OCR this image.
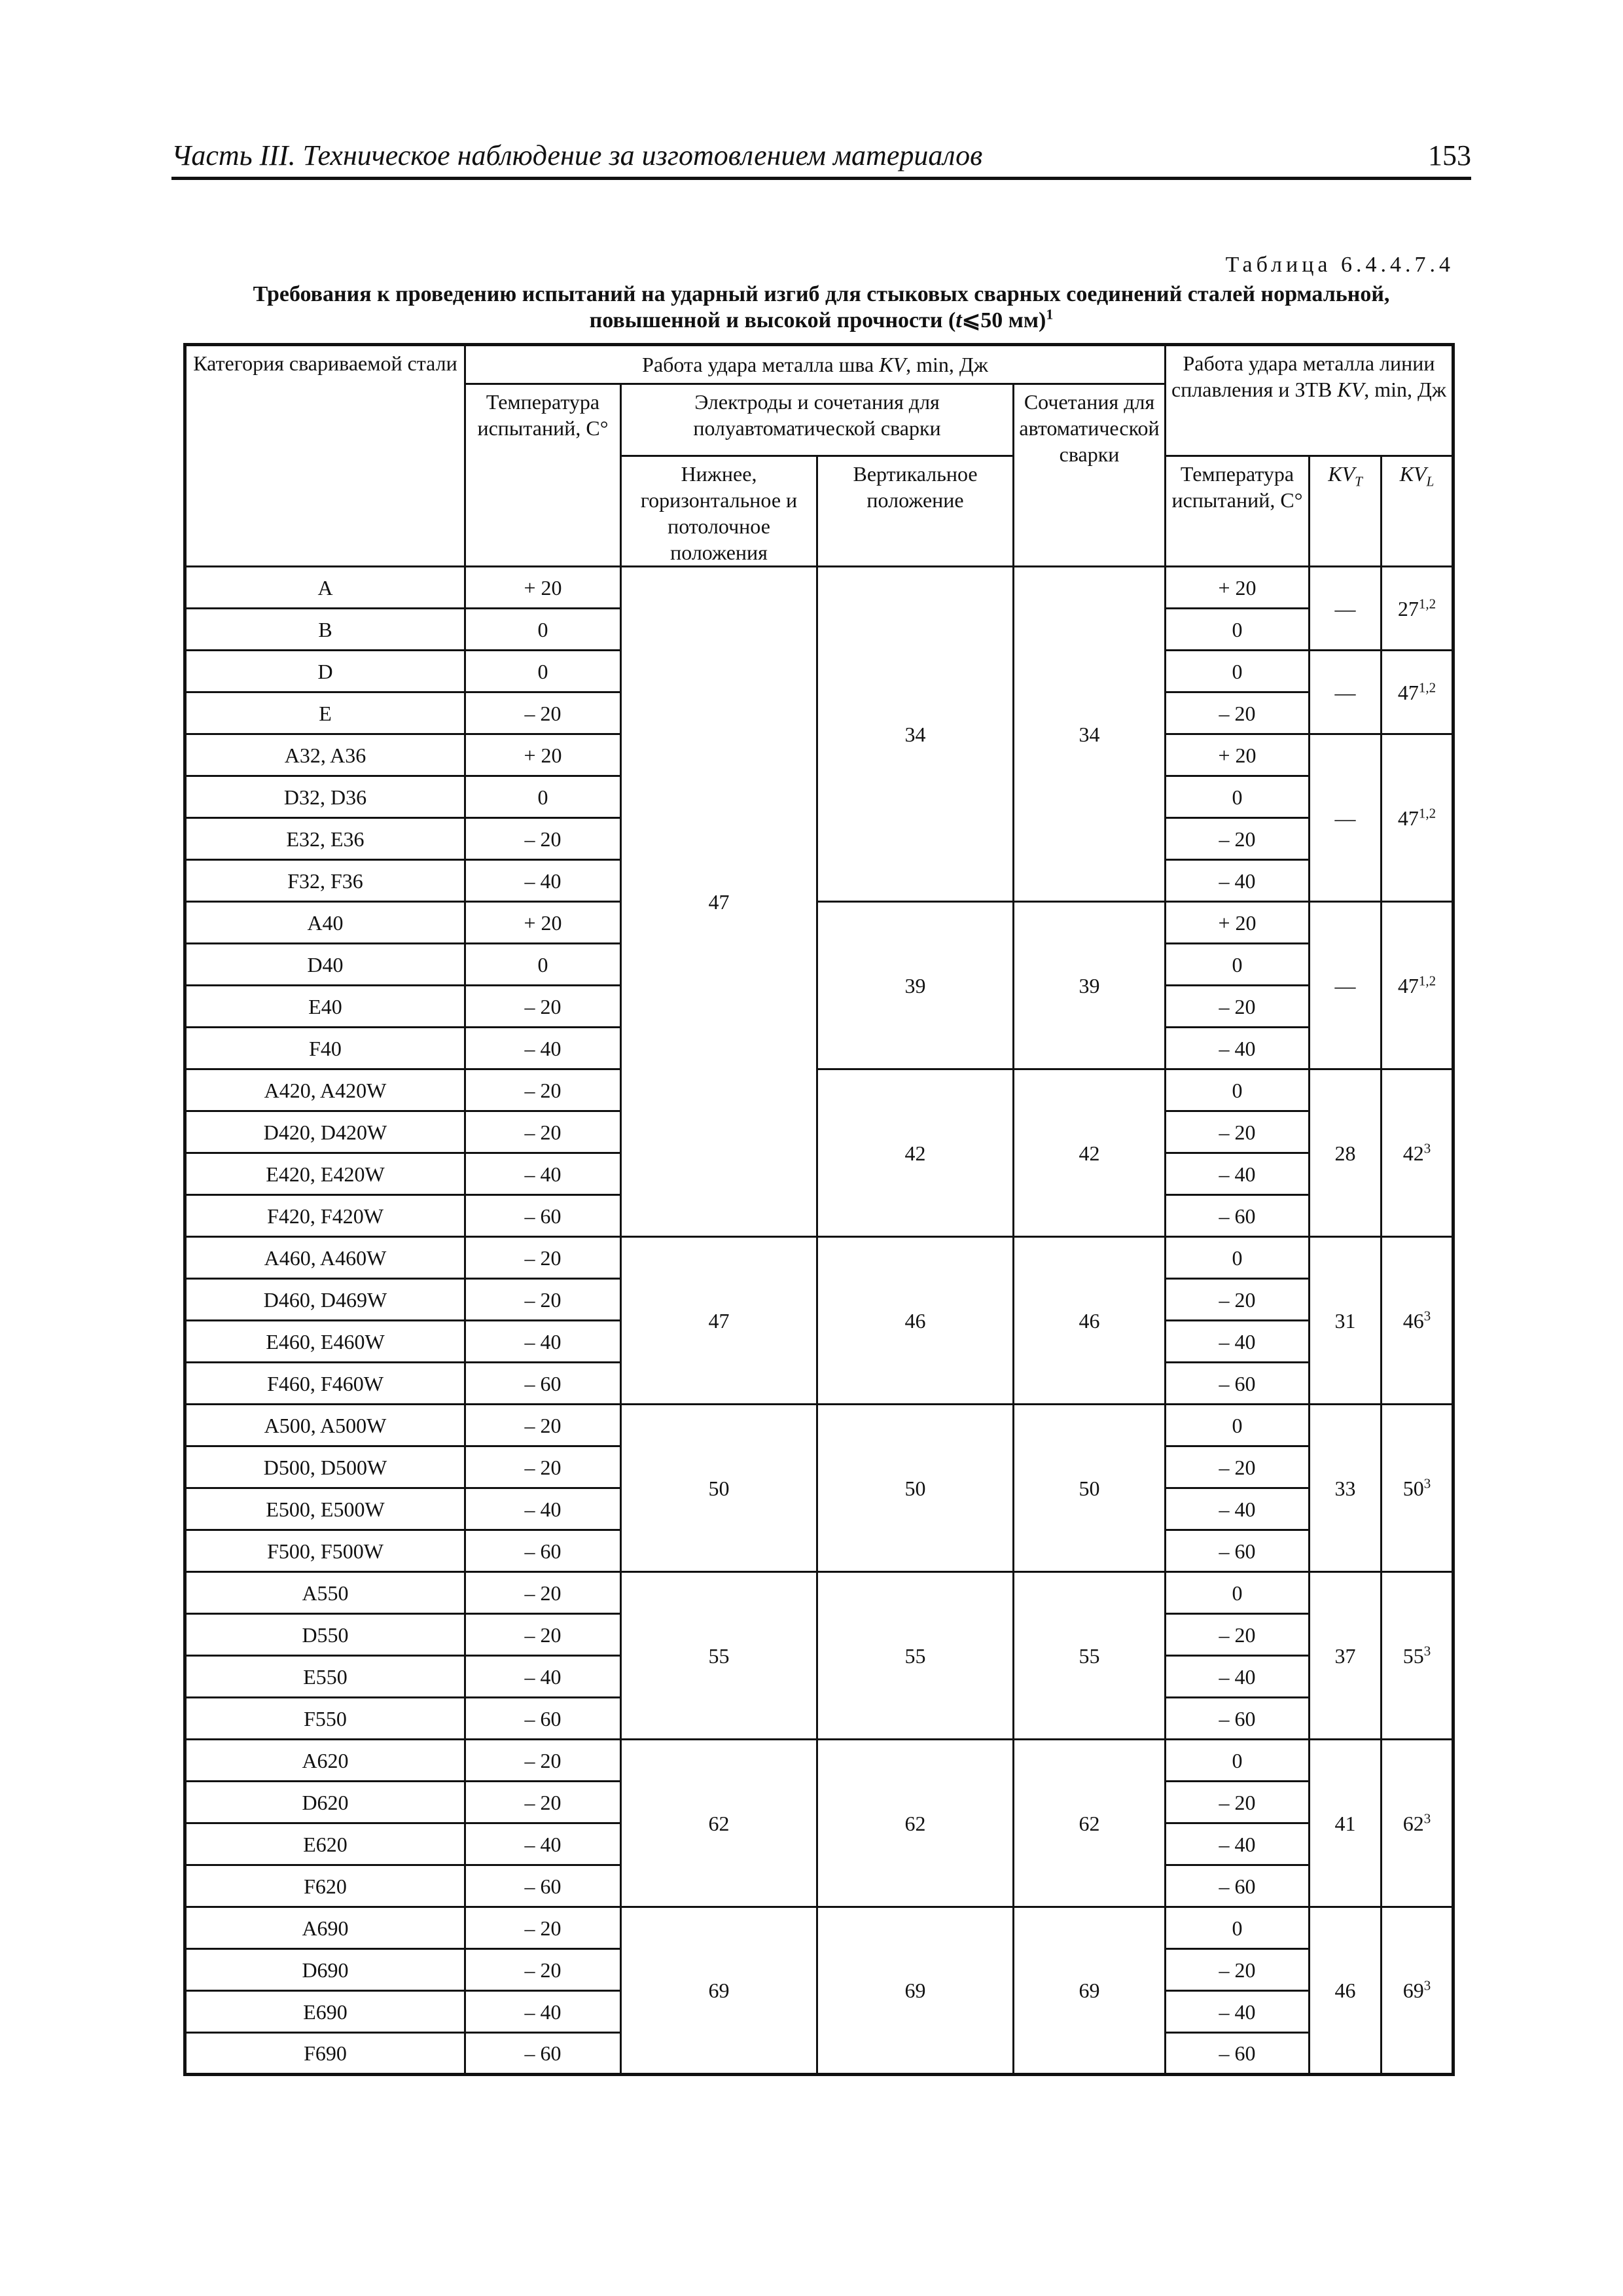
Часть III. Техническое наблюдение за изготовлением материалов	153
Таблица 6.4.4.7.4
Требования к проведению испытаний на ударный изгиб для стыковых сварных соединений сталей нормальной,
повышенной и высокой прочности (t⩽50 мм)$^1$
Категория свариваемой стали	Работа удара металла шва KV, min, Дж				Работа удара металла линии сплавления и ЗТВ KV, min, Дж		
	Температура испытаний, С°	Электроды и сочетания для полуавтоматической сварки		Сочетания для автоматической сварки			
		Нижнее, горизонтальное и потолочное положения	Вертикальное положение		Температура испытаний, С°	$KV_T$	$KV_L$
A	+ 20	47	34	34	+ 20	—	27$^{1,2}$
B	0				0		
D	0				0	—	47$^{1,2}$
E	– 20				– 20		
A32, A36	+ 20				+ 20	—	47$^{1,2}$
D32, D36	0				0		
E32, E36	– 20				– 20		
F32, F36	– 40				– 40		
A40	+ 20		39	39	+ 20	—	47$^{1,2}$
D40	0				0		
E40	– 20				– 20		
F40	– 40				– 40		
A420, A420W	– 20		42	42	0	28	$42^3$
D420, D420W	– 20				– 20		
E420, E420W	– 40				– 40		
F420, F420W	– 60				– 60		
A460, A460W	– 20	47	46	46	0	31	$46^3$
D460, D469W	– 20				– 20		
E460, E460W	– 40				– 40		
F460, F460W	– 60				– 60		
A500, A500W	– 20	50	50	50	0	33	$50^3$
D500, D500W	– 20				– 20		
E500, E500W	– 40				– 40		
F500, F500W	– 60				– 60		
A550	– 20	55	55	55	0	37	$55^3$
D550	– 20				– 20		
E550	– 40				– 40		
F550	– 60				– 60		
A620	– 20	62	62	62	0	41	$62^3$
D620	– 20				– 20		
E620	– 40				– 40		
F620	– 60				– 60		
A690	– 20	69	69	69	0	46	$69^3$
D690	– 20				– 20		
E690	– 40				– 40		
F690	– 60				– 60		
